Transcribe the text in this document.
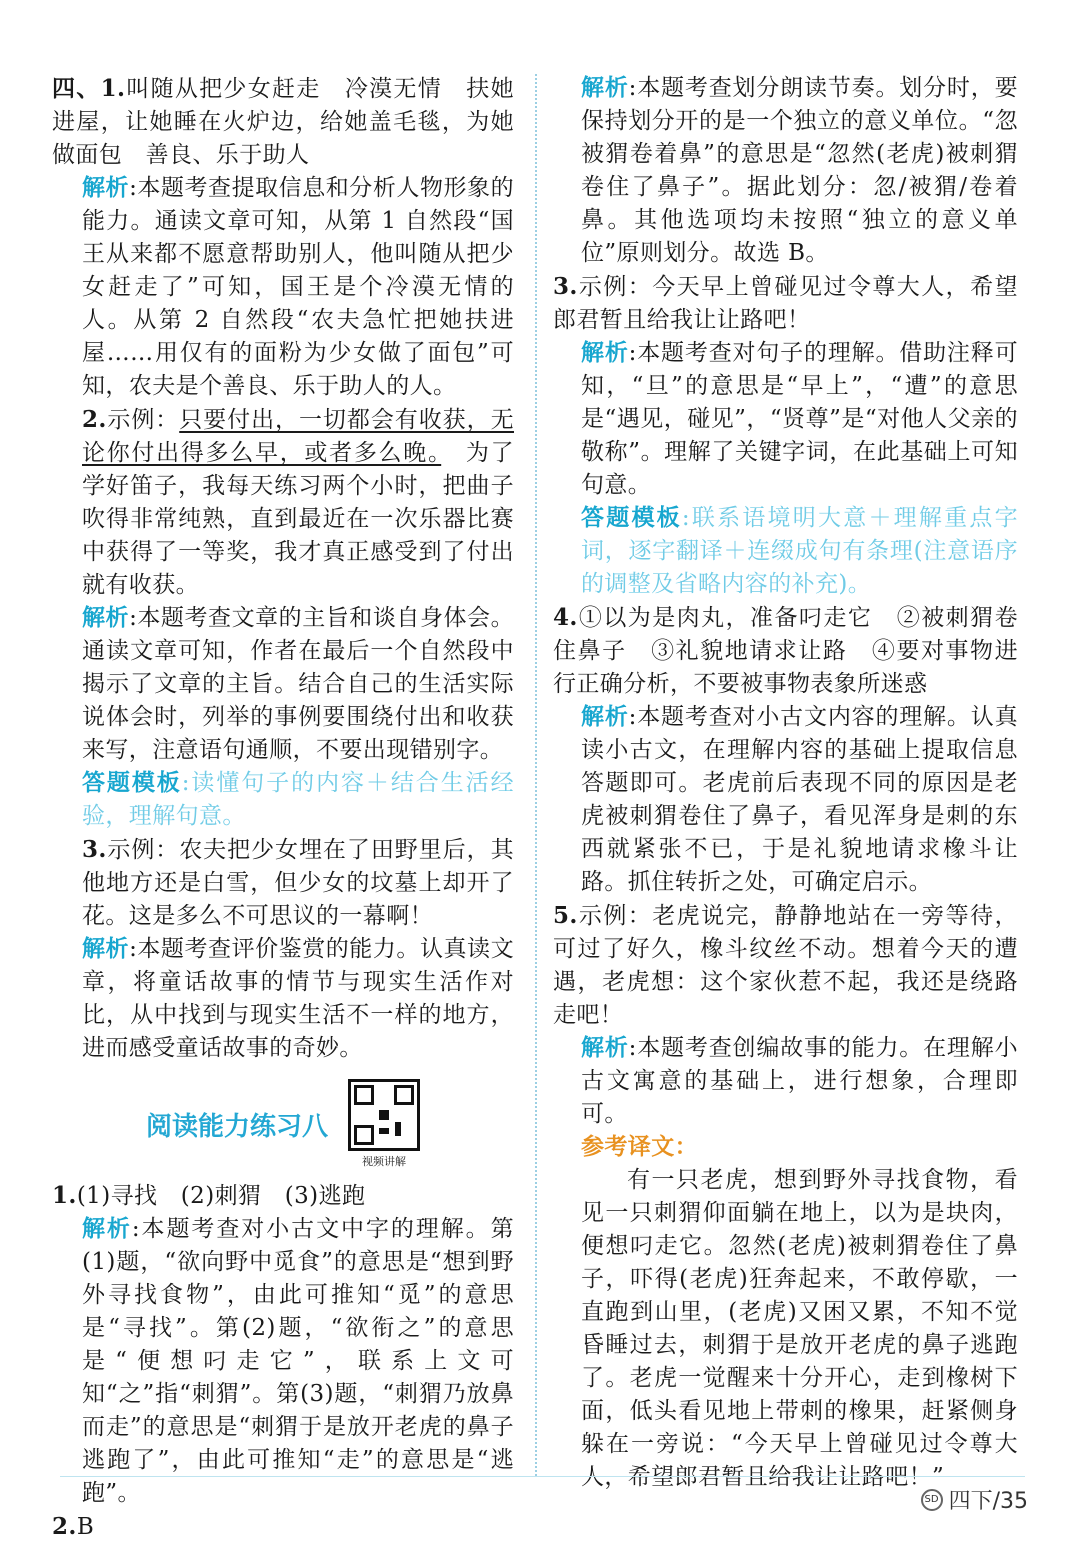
四、1.叫随从把少女赶走　冷漠无情　扶她进屋，让她睡在火炉边，给她盖毛毯，为她做面包　善良、乐于助人

解析:本题考查提取信息和分析人物形象的能力。通读文章可知，从第 1 自然段“国王从来都不愿意帮助别人，他叫随从把少女赶走了”可知，国王是个冷漠无情的人。从第 2 自然段“农夫急忙把她扶进屋……用仅有的面粉为少女做了面包”可知，农夫是个善良、乐于助人的人。

2.示例：只要付出，一切都会有收获，无论你付出得多么早，或者多么晚。　为了学好笛子，我每天练习两个小时，把曲子吹得非常纯熟，直到最近在一次乐器比赛中获得了一等奖，我才真正感受到了付出就有收获。

解析:本题考查文章的主旨和谈自身体会。通读文章可知，作者在最后一个自然段中揭示了文章的主旨。结合自己的生活实际说体会时，列举的事例要围绕付出和收获来写，注意语句通顺，不要出现错别字。

答题模板:读懂句子的内容＋结合生活经验，理解句意。

3.示例：农夫把少女埋在了田野里后，其他地方还是白雪，但少女的坟墓上却开了花。这是多么不可思议的一幕啊！

解析:本题考查评价鉴赏的能力。认真读文章，将童话故事的情节与现实生活作对比，从中找到与现实生活不一样的地方，进而感受童话故事的奇妙。

阅读能力练习八
视频讲解

1.(1)寻找　(2)刺猬　(3)逃跑

解析:本题考查对小古文中字的理解。第(1)题，“欲向野中觅食”的意思是“想到野外寻找食物”，由此可推知“觅”的意思是“寻找”。第(2)题，“欲衔之”的意思是“便想叼走它”，联系上文可知“之”指“刺猬”。第(3)题，“刺猬乃放鼻而走”的意思是“刺猬于是放开老虎的鼻子逃跑了”，由此可推知“走”的意思是“逃跑”。

2.B

解析:本题考查划分朗读节奏。划分时，要保持划分开的是一个独立的意义单位。“忽被猬卷着鼻”的意思是“忽然(老虎)被刺猬卷住了鼻子”。据此划分：忽/被猬/卷着鼻。其他选项均未按照“独立的意义单位”原则划分。故选 B。

3.示例：今天早上曾碰见过令尊大人，希望郎君暂且给我让让路吧！

解析:本题考查对句子的理解。借助注释可知，“旦”的意思是“早上”，“遭”的意思是“遇见，碰见”，“贤尊”是“对他人父亲的敬称”。理解了关键字词，在此基础上可知句意。

答题模板:联系语境明大意＋理解重点字词，逐字翻译＋连缀成句有条理(注意语序的调整及省略内容的补充)。

4.①以为是肉丸，准备叼走它　②被刺猬卷住鼻子　③礼貌地请求让路　④要对事物进行正确分析，不要被事物表象所迷惑

解析:本题考查对小古文内容的理解。认真读小古文，在理解内容的基础上提取信息答题即可。老虎前后表现不同的原因是老虎被刺猬卷住了鼻子，看见浑身是刺的东西就紧张不已，于是礼貌地请求橡斗让路。抓住转折之处，可确定启示。

5.示例：老虎说完，静静地站在一旁等待，可过了好久，橡斗纹丝不动。想着今天的遭遇，老虎想：这个家伙惹不起，我还是绕路走吧！

解析:本题考查创编故事的能力。在理解小古文寓意的基础上，进行想象，合理即可。

参考译文：

有一只老虎，想到野外寻找食物，看见一只刺猬仰面躺在地上，以为是块肉，便想叼走它。忽然(老虎)被刺猬卷住了鼻子，吓得(老虎)狂奔起来，不敢停歇，一直跑到山里，(老虎)又困又累，不知不觉昏睡过去，刺猬于是放开老虎的鼻子逃跑了。老虎一觉醒来十分开心，走到橡树下面，低头看见地上带刺的橡果，赶紧侧身躲在一旁说：“今天早上曾碰见过令尊大人，希望郎君暂且给我让让路吧！”

SD 四下/35
